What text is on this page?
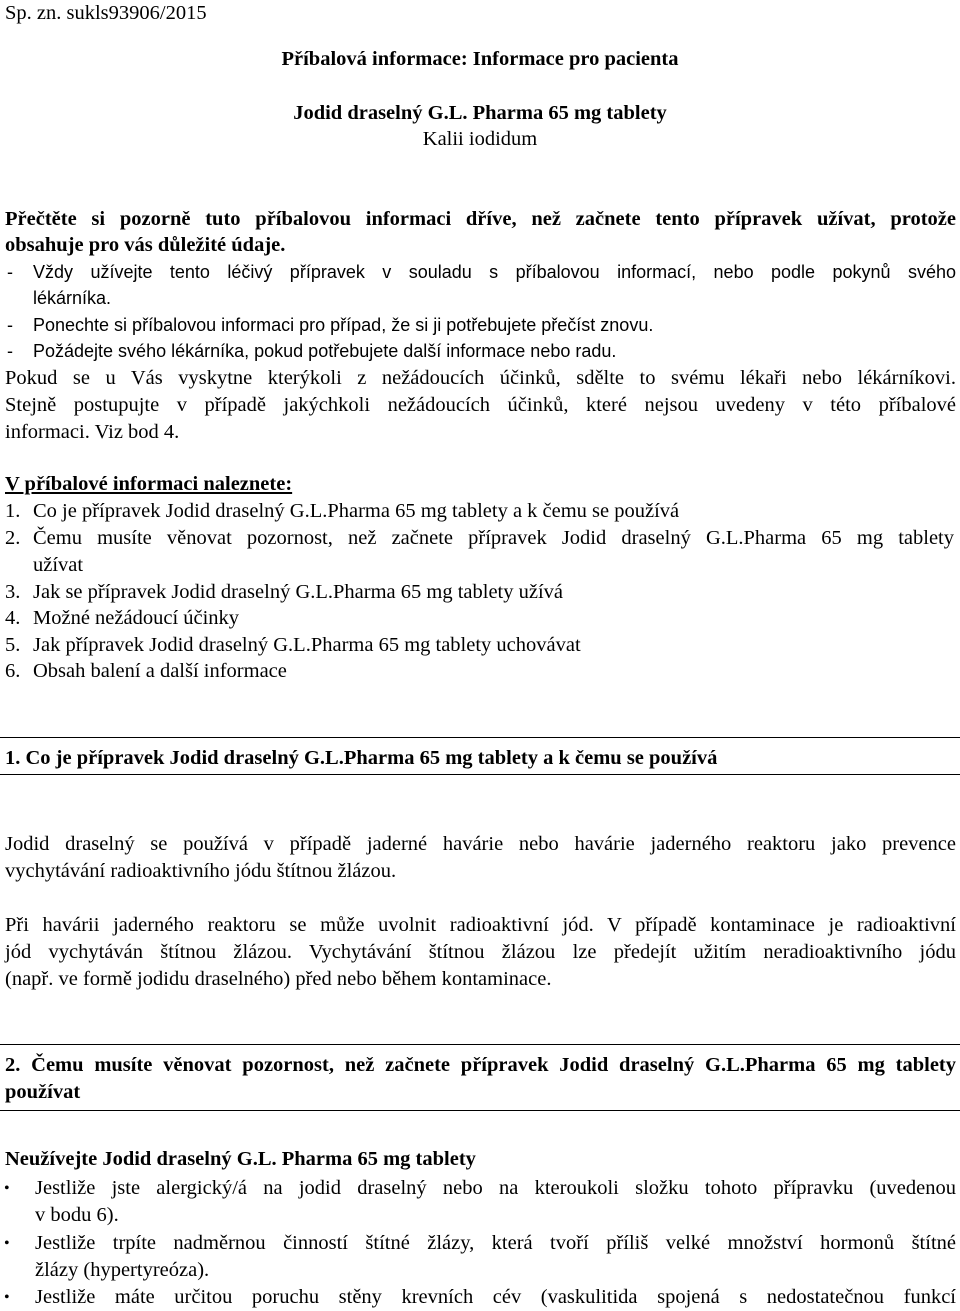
Sp. zn. sukls93906/2015
Příbalová informace: Informace pro pacienta
Jodid draselný G.L. Pharma 65 mg tablety
Kalii iodidum
Přečtěte si pozorně tuto příbalovou informaci dříve, než začnete tento přípravek užívat, protože
obsahuje pro vás důležité údaje.
-	Vždy užívejte tento léčivý přípravek v souladu s příbalovou informací, nebo podle pokynů svého
lékárníka.
-	Ponechte si příbalovou informaci pro případ, že si ji potřebujete přečíst znovu.
-	Požádejte svého lékárníka, pokud potřebujete další informace nebo radu.
Pokud se u Vás vyskytne kterýkoli z nežádoucích účinků, sdělte to svému lékaři nebo lékárníkovi.
Stejně postupujte v případě jakýchkoli nežádoucích účinků, které nejsou uvedeny v této příbalové
informaci. Viz bod 4.
V příbalové informaci naleznete:
1. Co je přípravek Jodid draselný G.L.Pharma 65 mg tablety a k čemu se používá
2. Čemu musíte věnovat pozornost, než začnete přípravek Jodid draselný G.L.Pharma 65 mg tablety
užívat
3. Jak se přípravek Jodid draselný G.L.Pharma 65 mg tablety užívá
4. Možné nežádoucí účinky
5. Jak přípravek Jodid draselný G.L.Pharma 65 mg tablety uchovávat
6. Obsah balení a další informace
1. Co je přípravek Jodid draselný G.L.Pharma 65 mg tablety a k čemu se používá
Jodid draselný se používá v případě jaderné havárie nebo havárie jaderného reaktoru jako prevence
vychytávání radioaktivního jódu štítnou žlázou.
Při havárii jaderného reaktoru se může uvolnit radioaktivní jód. V případě kontaminace je radioaktivní
jód vychytáván štítnou žlázou. Vychytávání štítnou žlázou lze předejít užitím neradioaktivního jódu
(např. ve formě jodidu draselného) před nebo během kontaminace.
2. Čemu musíte věnovat pozornost, než začnete přípravek Jodid draselný G.L.Pharma 65 mg tablety
používat
Neužívejte Jodid draselný G.L. Pharma 65 mg tablety
•	Jestliže jste alergický/á na jodid draselný nebo na kteroukoli složku tohoto přípravku (uvedenou
v bodu 6).
•	Jestliže trpíte nadměrnou činností štítné žlázy, která tvoří příliš velké množství hormonů štítné
žlázy (hypertyreóza).
•	Jestliže máte určitou poruchu stěny krevních cév (vaskulitida spojená s nedostatečnou funkcí
